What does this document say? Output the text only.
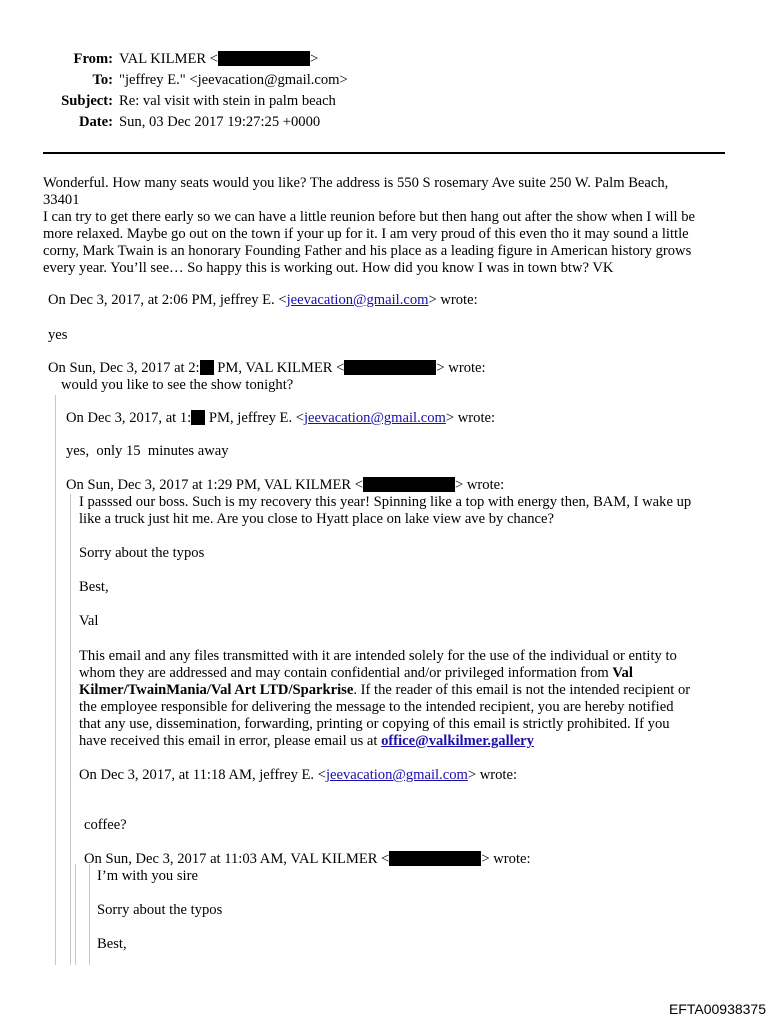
From: VAL KILMER <	>
To: "jeffrey E." <jeevacation@gmail.com>
Subject: Re: val visit with stein in palm beach
Date: Sun, 03 Dec 2017 19:27:25 +0000
Wonderful. How many seats would you like? The address is 550 S rosemary Ave suite 250 W. Palm Beach,
33401
I can try to get there early so we can have a little reunion before but then hang out after the show when I will be
more relaxed. Maybe go out on the town if your up for it. I am very proud of this even tho it may sound a little
corny, Mark Twain is an honorary Founding Father and his place as a leading figure in American history grows
every year. You’ll see… So happy this is working out. How did you know I was in town btw? VK
On Dec 3, 2017, at 2:06 PM, jeffrey E. <jeevacation@gmail.com> wrote:
yes
On Sun, Dec 3, 2017 at 2: PM, VAL KILMER <	> wrote:
would you like to see the show tonight?
On Dec 3, 2017, at 1: PM, jeffrey E. <jeevacation@gmail.com> wrote:
yes,  only 15  minutes away
On Sun, Dec 3, 2017 at 1:29 PM, VAL KILMER <	> wrote:
I passsed our boss. Such is my recovery this year! Spinning like a top with energy then, BAM, I wake up
like a truck just hit me. Are you close to Hyatt place on lake view ave by chance?
Sorry about the typos
Best,
Val
This email and any files transmitted with it are intended solely for the use of the individual or entity to
whom they are addressed and may contain confidential and/or privileged information from Val
Kilmer/TwainMania/Val Art LTD/Sparkrise. If the reader of this email is not the intended recipient or
the employee responsible for delivering the message to the intended recipient, you are hereby notified
that any use, dissemination, forwarding, printing or copying of this email is strictly prohibited. If you
have received this email in error, please email us at office@valkilmer.gallery
On Dec 3, 2017, at 11:18 AM, jeffrey E. <jeevacation@gmail.com> wrote:
coffee?
On Sun, Dec 3, 2017 at 11:03 AM, VAL KILMER <	> wrote:
I’m with you sire
Sorry about the typos
Best,
EFTA00938375
